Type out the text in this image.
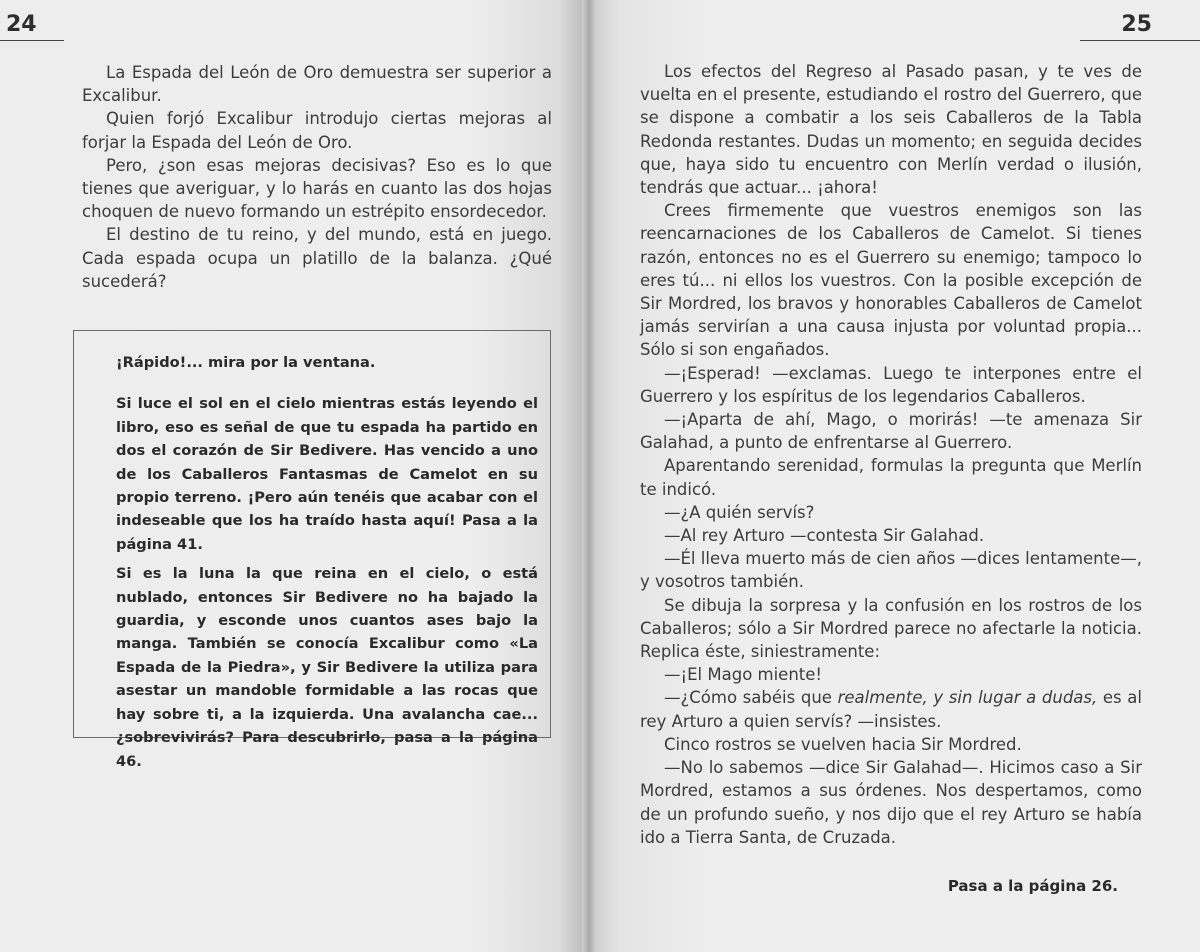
24

La Espada del León de Oro demuestra ser superior a Excalibur.

Quien forjó Excalibur introdujo ciertas mejoras al forjar la Espada del León de Oro.

Pero, ¿son esas mejoras decisivas? Eso es lo que tienes que averiguar, y lo harás en cuanto las dos hojas choquen de nuevo formando un estrépito ensordecedor.

El destino de tu reino, y del mundo, está en juego. Cada espada ocupa un platillo de la balanza. ¿Qué sucederá?

¡Rápido!... mira por la ventana.

Si luce el sol en el cielo mientras estás leyendo el libro, eso es señal de que tu espada ha partido en dos el corazón de Sir Bedivere. Has vencido a uno de los Caballeros Fantasmas de Camelot en su propio terreno. ¡Pero aún tenéis que acabar con el indeseable que los ha traído hasta aquí! Pasa a la página 41.

Si es la luna la que reina en el cielo, o está nublado, entonces Sir Bedivere no ha bajado la guardia, y esconde unos cuantos ases bajo la manga. También se conocía Excalibur como «La Espada de la Piedra», y Sir Bedivere la utiliza para asestar un mandoble formidable a las rocas que hay sobre ti, a la izquierda. Una avalancha cae... ¿sobrevivirás? Para descubrirlo, pasa a la página 46.

25

Los efectos del Regreso al Pasado pasan, y te ves de vuelta en el presente, estudiando el rostro del Guerrero, que se dispone a combatir a los seis Caballeros de la Tabla Redonda restantes. Dudas un momento; en seguida decides que, haya sido tu encuentro con Merlín verdad o ilusión, tendrás que actuar... ¡ahora!

Crees firmemente que vuestros enemigos son las reencarnaciones de los Caballeros de Camelot. Si tienes razón, entonces no es el Guerrero su enemigo; tampoco lo eres tú... ni ellos los vuestros. Con la posible excepción de Sir Mordred, los bravos y honorables Caballeros de Camelot jamás servirían a una causa injusta por voluntad propia... Sólo si son engañados.

—¡Esperad! —exclamas. Luego te interpones entre el Guerrero y los espíritus de los legendarios Caballeros.

—¡Aparta de ahí, Mago, o morirás! —te amenaza Sir Galahad, a punto de enfrentarse al Guerrero.

Aparentando serenidad, formulas la pregunta que Merlín te indicó.

—¿A quién servís?

—Al rey Arturo —contesta Sir Galahad.

—Él lleva muerto más de cien años —dices lentamente—, y vosotros también.

Se dibuja la sorpresa y la confusión en los rostros de los Caballeros; sólo a Sir Mordred parece no afectarle la noticia. Replica éste, siniestramente:

—¡El Mago miente!

—¿Cómo sabéis que realmente, y sin lugar a dudas, es al rey Arturo a quien servís? —insistes.

Cinco rostros se vuelven hacia Sir Mordred.

—No lo sabemos —dice Sir Galahad—. Hicimos caso a Sir Mordred, estamos a sus órdenes. Nos despertamos, como de un profundo sueño, y nos dijo que el rey Arturo se había ido a Tierra Santa, de Cruzada.

Pasa a la página 26.
